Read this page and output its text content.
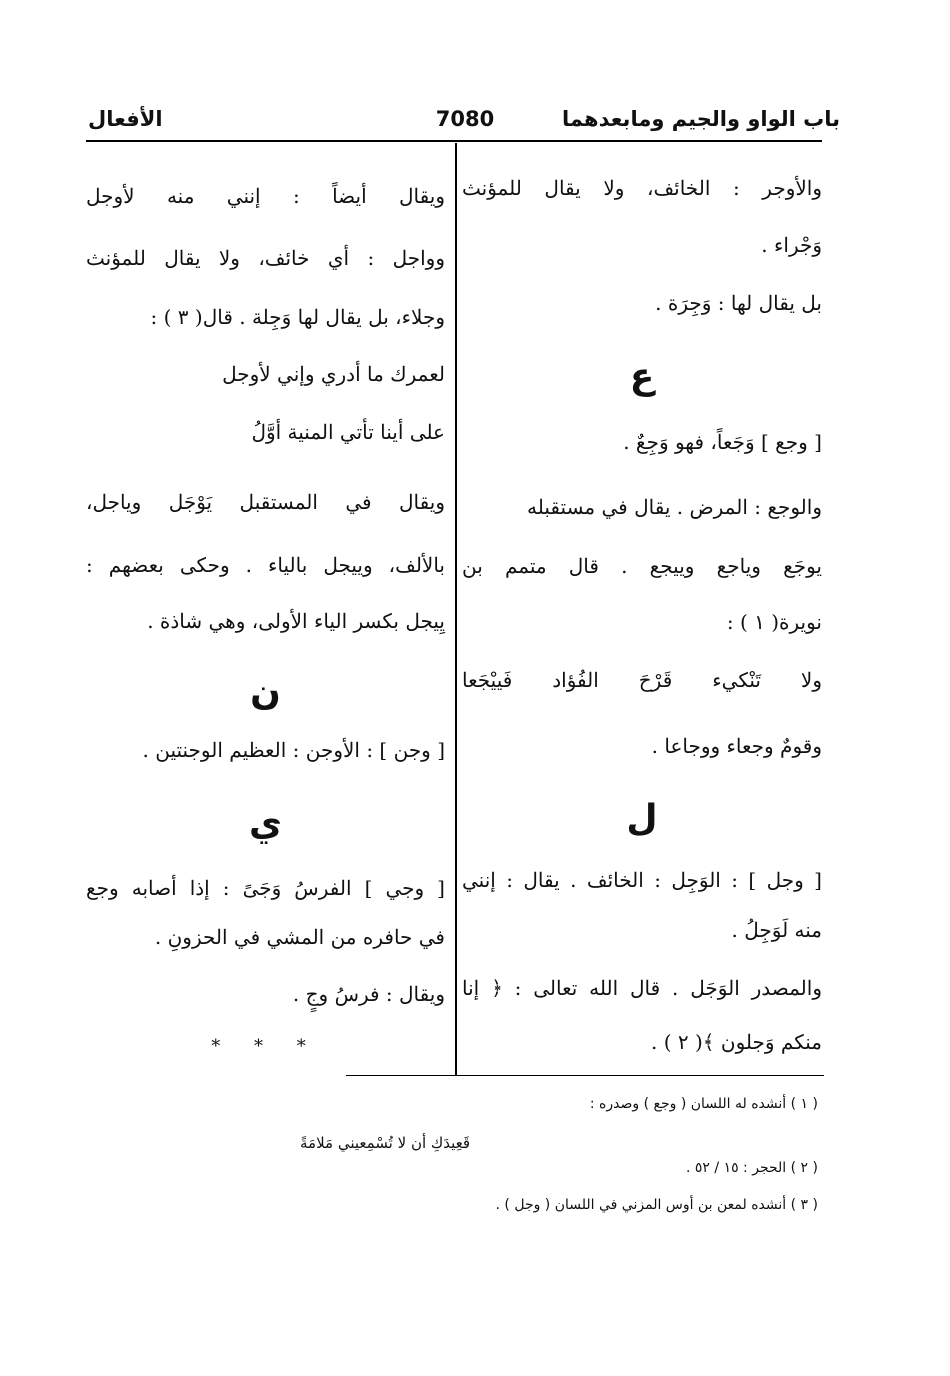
باب الواو والجيم ومابعدهما
7080
الأفعال
والأوجر : الخائف، ولا يقال للمؤنث
وَجْراء .
بل يقال لها : وَجِرَة .
ع
[ وجع ] وَجَعاً، فهو وَجِعٌ .
والوجع : المرض . يقال في مستقبله
يوجَع وياجع وييجع . قال متمم بن
نويرة( ١ ) :
ولا تَنْكيء قَرْحَ الفُؤاد فَييْجَعا
وقومٌ وجعاء ووجاعا .
ل
[ وجل ] : الوَجِل : الخائف . يقال : إنني
منه لَوَجِلُ .
والمصدر الوَجَل . قال الله تعالى : ﴿ إنا
منكم وَجلون ﴾( ٢ ) .
ويقال أيضاً : إنني منه لأوجل
وواجل : أي خائف، ولا يقال للمؤنث
وجلاء، بل يقال لها وَجِلة . قال( ٣ ) :
لعمرك ما أدري وإني لأوجل
على أينا تأتي المنية أوَّلُ
ويقال في المستقبل يَوْجَل وياجل،
بالألف، وييجل بالياء . وحكى بعضهم :
يِيجل بكسر الياء الأولى، وهي شاذة .
ن
[ وجن ] : الأوجن : العظيم الوجنتين .
ي
[ وجي ] الفرسُ وَجَىً : إذا أصابه وجع
في حافره من المشي في الحزونِ .
ويقال : فرسُ وجٍ .
* * *
( ١ ) أنشده له اللسان ( وجع ) وصدره :
قَعِيدَكِ أن لا تُسْمِعيني مَلامَةً
( ٢ ) الحجر : ١٥ / ٥٢ .
( ٣ ) أنشده لمعن بن أوس المزني في اللسان ( وجل ) .
